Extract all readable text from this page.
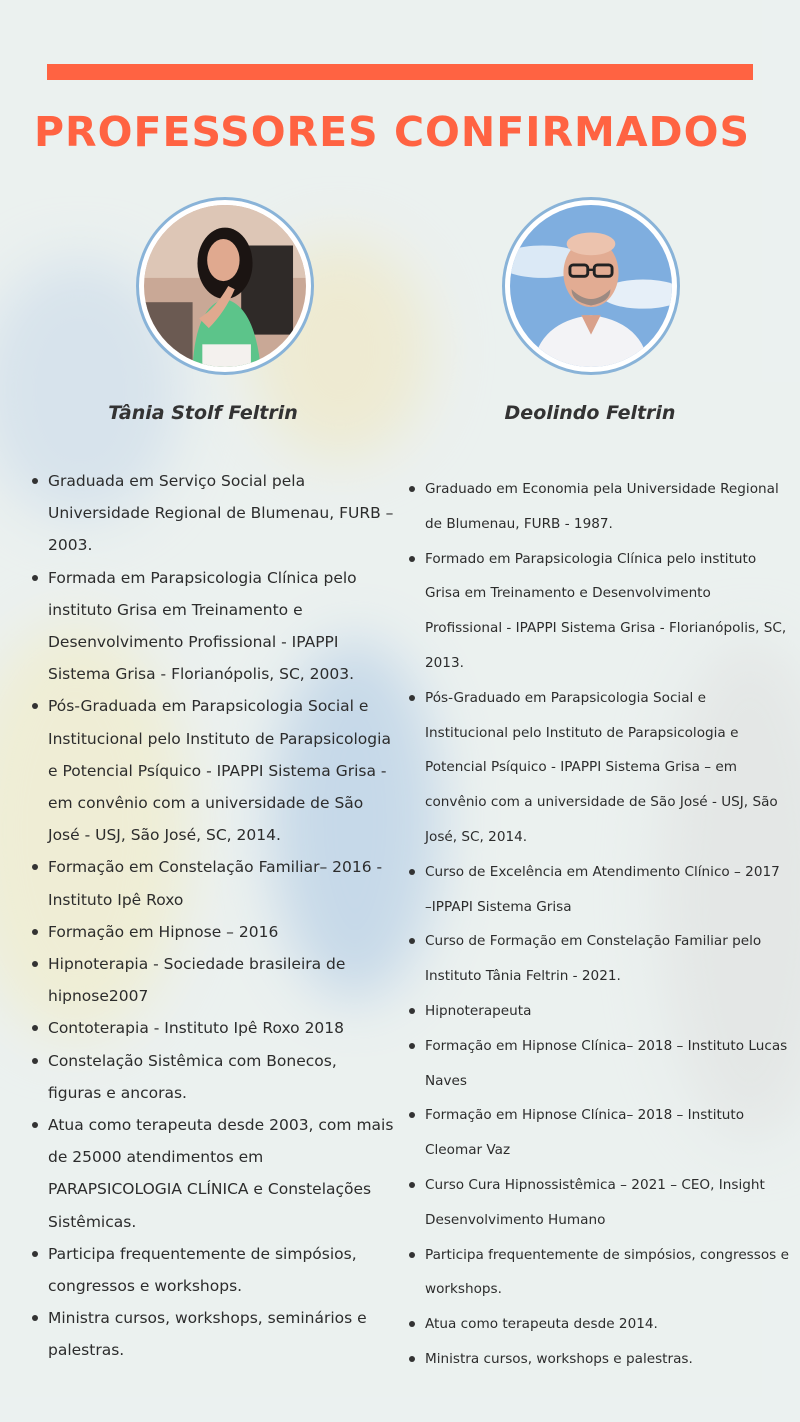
PROFESSORES CONFIRMADOS
Tânia Stolf Feltrin	Deolindo Feltrin
Graduada em Serviço Social pela Universidade Regional de Blumenau, FURB – 2003.
Formada em Parapsicologia Clínica pelo instituto Grisa em Treinamento e Desenvolvimento Profissional - IPAPPI Sistema Grisa - Florianópolis, SC, 2003.
Pós-Graduada em Parapsicologia Social e Institucional pelo Instituto de Parapsicologia e Potencial Psíquico - IPAPPI Sistema Grisa - em convênio com a universidade de São José - USJ, São José, SC, 2014.
Formação em Constelação Familiar– 2016 - Instituto Ipê Roxo
Formação em Hipnose – 2016
Hipnoterapia - Sociedade brasileira de hipnose2007
Contoterapia - Instituto Ipê Roxo 2018
Constelação Sistêmica com Bonecos, figuras e ancoras.
Atua como terapeuta desde 2003, com mais de 25000 atendimentos em PARAPSICOLOGIA CLÍNICA e Constelações Sistêmicas.
Participa frequentemente de simpósios, congressos e workshops.
Ministra cursos, workshops, seminários e palestras.
Graduado em Economia pela Universidade Regional de Blumenau, FURB - 1987.
Formado em Parapsicologia Clínica pelo instituto Grisa em Treinamento e Desenvolvimento Profissional - IPAPPI Sistema Grisa - Florianópolis, SC, 2013.
Pós-Graduado em Parapsicologia Social e Institucional pelo Instituto de Parapsicologia e Potencial Psíquico - IPAPPI Sistema Grisa – em convênio com a universidade de São José - USJ, São José, SC, 2014.
Curso de Excelência em Atendimento Clínico – 2017 –IPPAPI Sistema Grisa
Curso de Formação em Constelação Familiar pelo Instituto Tânia Feltrin - 2021.
Hipnoterapeuta
Formação em Hipnose Clínica– 2018 – Instituto Lucas Naves
Formação em Hipnose Clínica– 2018 – Instituto Cleomar Vaz
Curso Cura Hipnossistêmica – 2021 – CEO, Insight Desenvolvimento Humano
Participa frequentemente de simpósios, congressos e workshops.
Atua como terapeuta desde 2014.
Ministra cursos, workshops e palestras.
